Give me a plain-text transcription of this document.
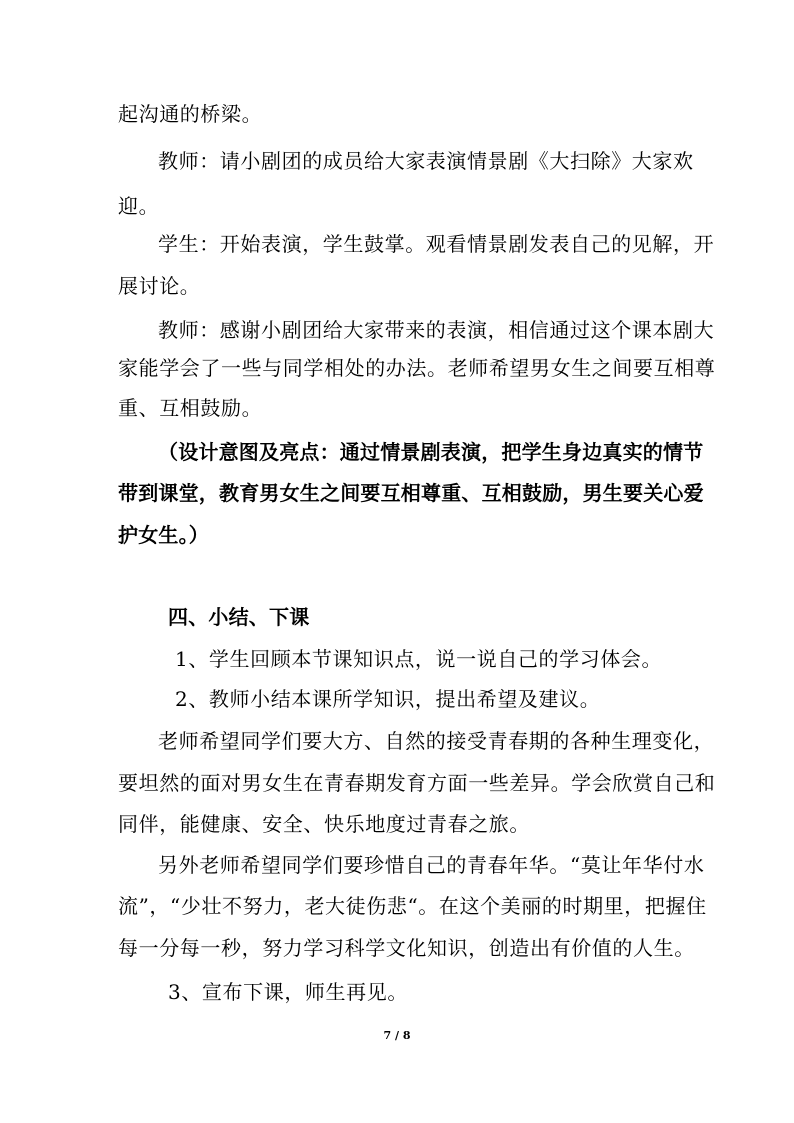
起沟通的桥梁。
教师：请小剧团的成员给大家表演情景剧《大扫除》大家欢
迎。
学生：开始表演，学生鼓掌。观看情景剧发表自己的见解，开
展讨论。
教师：感谢小剧团给大家带来的表演，相信通过这个课本剧大
家能学会了一些与同学相处的办法。老师希望男女生之间要互相尊
重、互相鼓励。
（设计意图及亮点：通过情景剧表演，把学生身边真实的情节
带到课堂，教育男女生之间要互相尊重、互相鼓励，男生要关心爱
护女生。）
四、小结、下课
1、学生回顾本节课知识点，说一说自己的学习体会。
2、教师小结本课所学知识，提出希望及建议。
老师希望同学们要大方、自然的接受青春期的各种生理变化，
要坦然的面对男女生在青春期发育方面一些差异。学会欣赏自己和
同伴，能健康、安全、快乐地度过青春之旅。
另外老师希望同学们要珍惜自己的青春年华。“莫让年华付水
流”，“少壮不努力，老大徒伤悲“。在这个美丽的时期里，把握住
每一分每一秒，努力学习科学文化知识，创造出有价值的人生。
3、宣布下课，师生再见。
7 / 8
